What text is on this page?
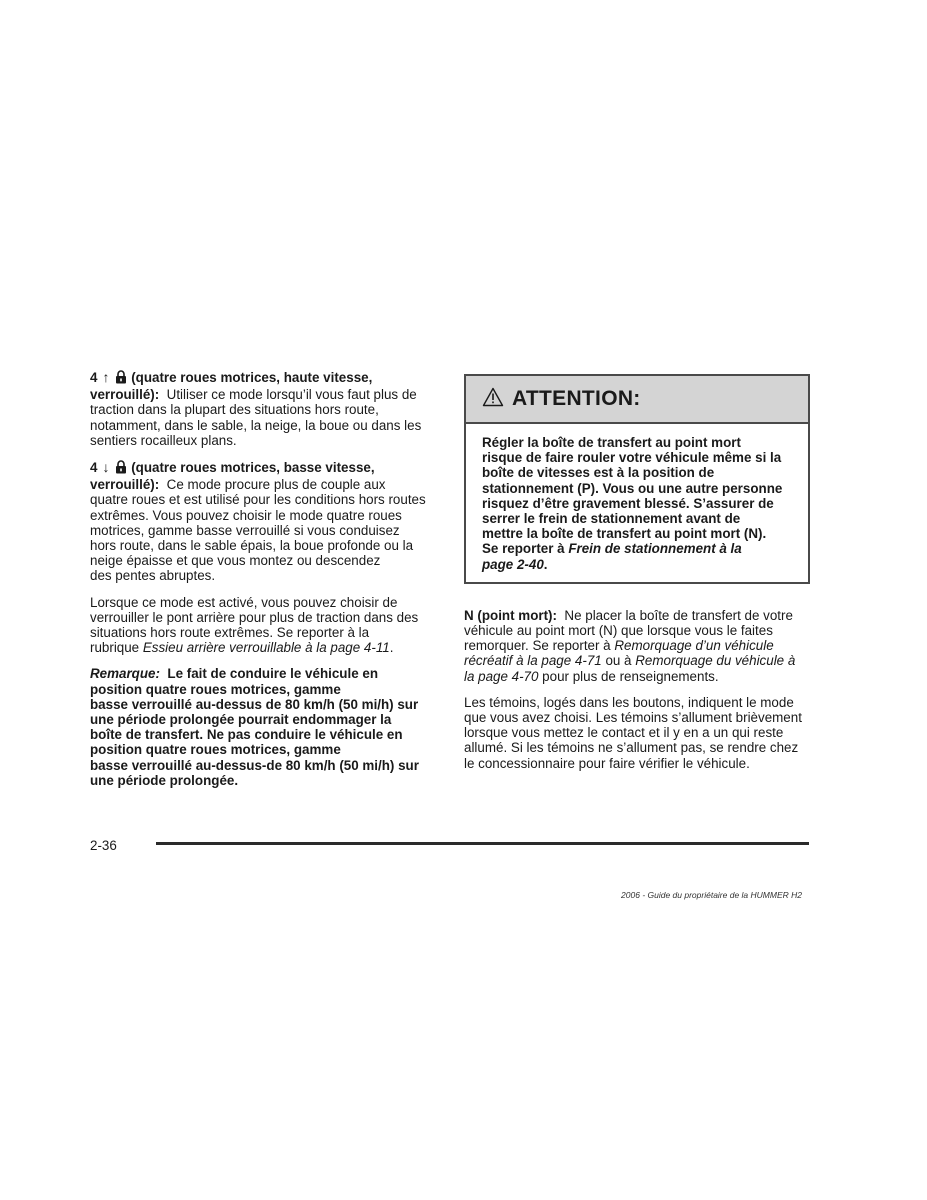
4 ↑ (quatre roues motrices, haute vitesse,
verrouillé): Utiliser ce mode lorsqu’il vous faut plus de
traction dans la plupart des situations hors route,
notamment, dans le sable, la neige, la boue ou dans les
sentiers rocailleux plans.

4 ↓ (quatre roues motrices, basse vitesse,
verrouillé): Ce mode procure plus de couple aux
quatre roues et est utilisé pour les conditions hors routes
extrêmes. Vous pouvez choisir le mode quatre roues
motrices, gamme basse verrouillé si vous conduisez
hors route, dans le sable épais, la boue profonde ou la
neige épaisse et que vous montez ou descendez
des pentes abruptes.

Lorsque ce mode est activé, vous pouvez choisir de
verrouiller le pont arrière pour plus de traction dans des
situations hors route extrêmes. Se reporter à la
rubrique Essieu arrière verrouillable à la page 4-11.

Remarque: Le fait de conduire le véhicule en
position quatre roues motrices, gamme
basse verrouillé au-dessus de 80 km/h (50 mi/h) sur
une période prolongée pourrait endommager la
boîte de transfert. Ne pas conduire le véhicule en
position quatre roues motrices, gamme
basse verrouillé au-dessus-de 80 km/h (50 mi/h) sur
une période prolongée.

ATTENTION:
Régler la boîte de transfert au point mort
risque de faire rouler votre véhicule même si la
boîte de vitesses est à la position de
stationnement (P). Vous ou une autre personne
risquez d’être gravement blessé. S’assurer de
serrer le frein de stationnement avant de
mettre la boîte de transfert au point mort (N).
Se reporter à Frein de stationnement à la
page 2-40.

N (point mort): Ne placer la boîte de transfert de votre
véhicule au point mort (N) que lorsque vous le faites
remorquer. Se reporter à Remorquage d’un véhicule
récréatif à la page 4-71 ou à Remorquage du véhicule à
la page 4-70 pour plus de renseignements.

Les témoins, logés dans les boutons, indiquent le mode
que vous avez choisi. Les témoins s’allument brièvement
lorsque vous mettez le contact et il y en a un qui reste
allumé. Si les témoins ne s’allument pas, se rendre chez
le concessionnaire pour faire vérifier le véhicule.

2-36
2006 - Guide du propriétaire de la HUMMER H2
